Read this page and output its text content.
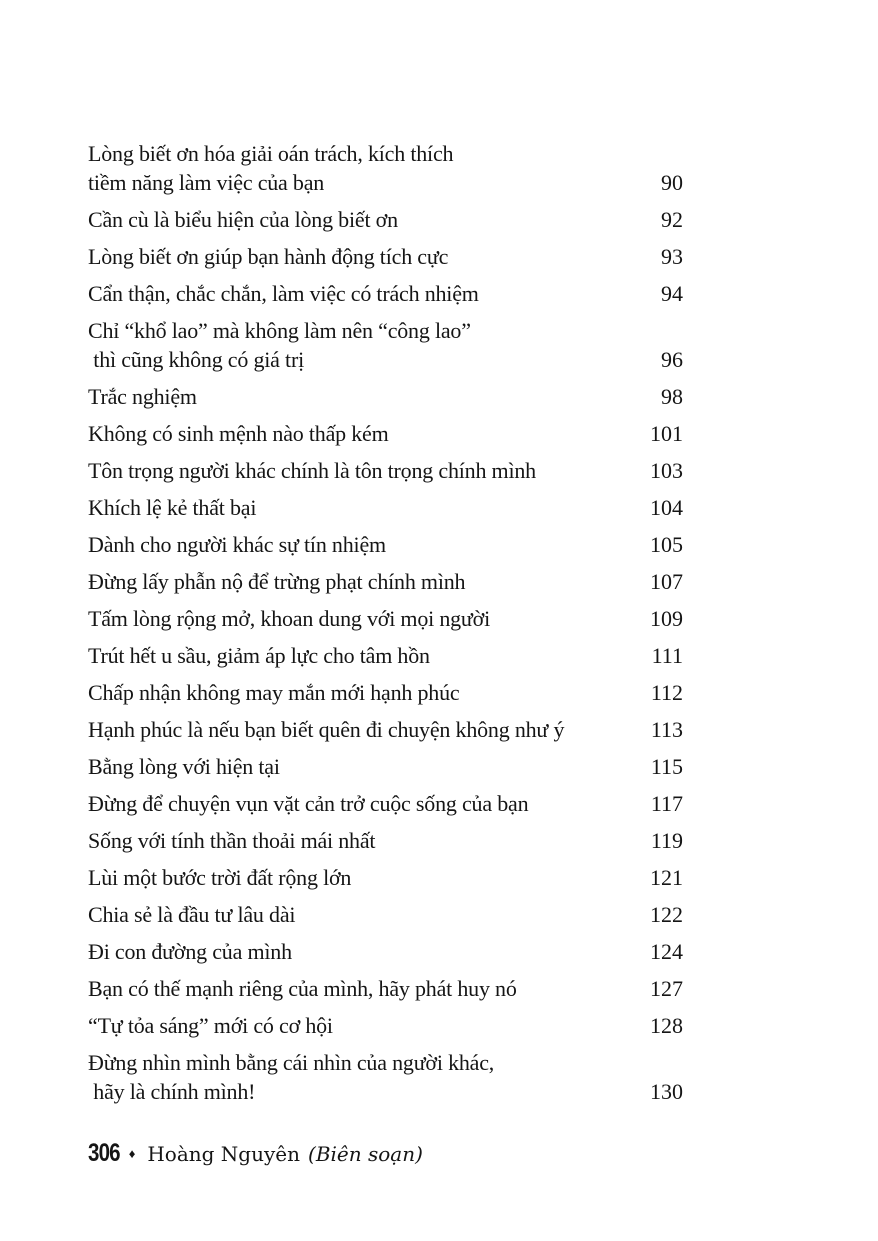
Lòng biết ơn hóa giải oán trách, kích thích
tiềm năng làm việc của bạn	90
Cần cù là biểu hiện của lòng biết ơn	92
Lòng biết ơn giúp bạn hành động tích cực	93
Cẩn thận, chắc chắn, làm việc có trách nhiệm	94
Chỉ “khổ lao” mà không làm nên “công lao”
thì cũng không có giá trị	96
Trắc nghiệm	98
Không có sinh mệnh nào thấp kém	101
Tôn trọng người khác chính là tôn trọng chính mình	103
Khích lệ kẻ thất bại	104
Dành cho người khác sự tín nhiệm	105
Đừng lấy phẫn nộ để trừng phạt chính mình	107
Tấm lòng rộng mở, khoan dung với mọi người	109
Trút hết u sầu, giảm áp lực cho tâm hồn	111
Chấp nhận không may mắn mới hạnh phúc	112
Hạnh phúc là nếu bạn biết quên đi chuyện không như ý	113
Bằng lòng với hiện tại	115
Đừng để chuyện vụn vặt cản trở cuộc sống của bạn	117
Sống với tính thần thoải mái nhất	119
Lùi một bước trời đất rộng lớn	121
Chia sẻ là đầu tư lâu dài	122
Đi con đường của mình	124
Bạn có thế mạnh riêng của mình, hãy phát huy nó	127
“Tự tỏa sáng” mới có cơ hội	128
Đừng nhìn mình bằng cái nhìn của người khác,
hãy là chính mình!	130
306 ♦ Hoàng Nguyên (Biên soạn)
